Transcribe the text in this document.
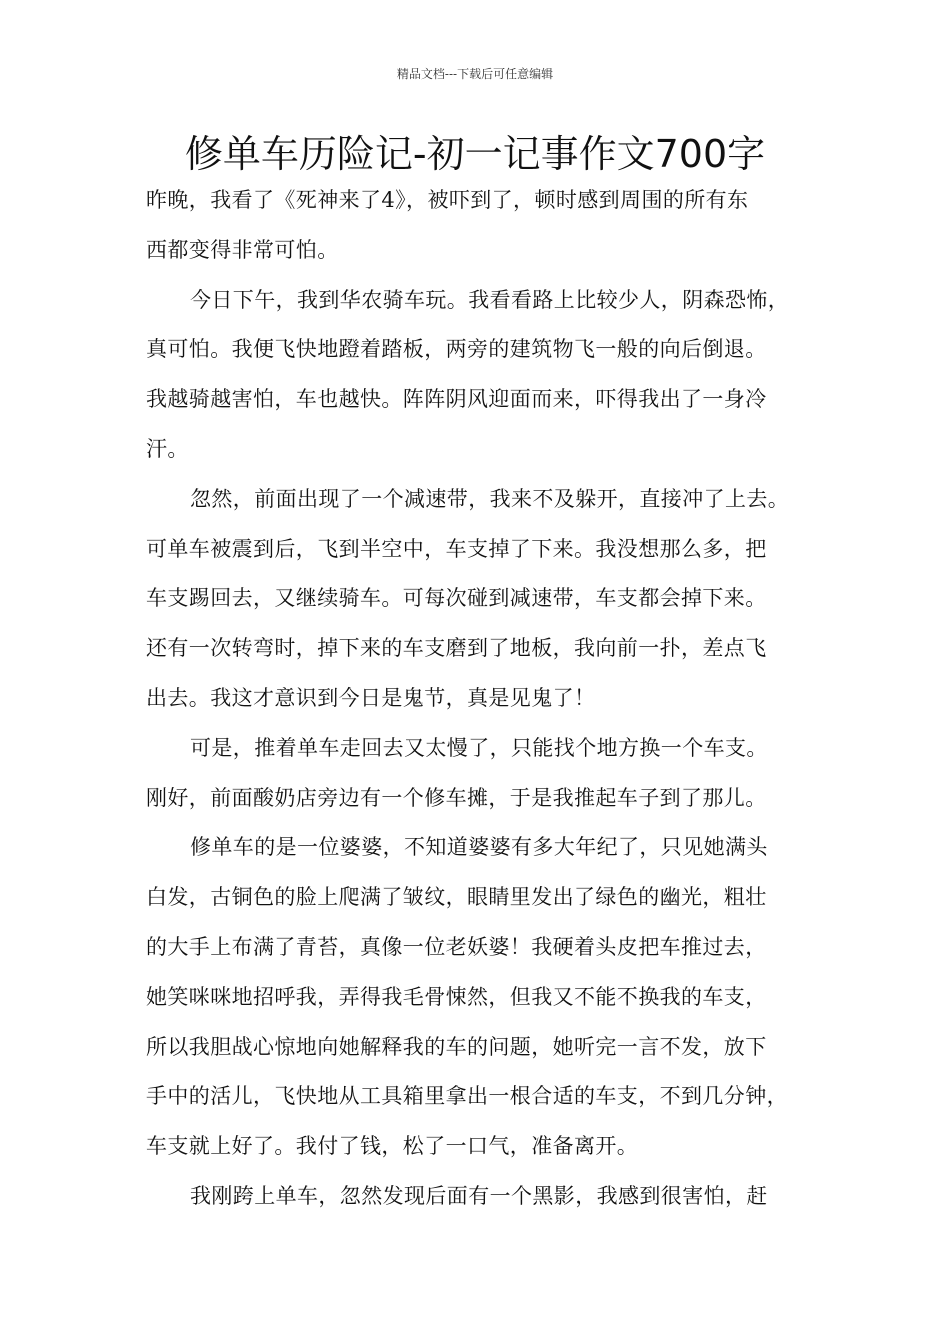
精品文档---下载后可任意编辑
修单车历险记-初一记事作文700字
昨晚，我看了《死神来了4》，被吓到了，顿时感到周围的所有东
西都变得非常可怕。
今日下午，我到华农骑车玩。我看看路上比较少人，阴森恐怖，
真可怕。我便飞快地蹬着踏板，两旁的建筑物飞一般的向后倒退。
我越骑越害怕，车也越快。阵阵阴风迎面而来，吓得我出了一身冷
汗。
忽然，前面出现了一个减速带，我来不及躲开，直接冲了上去。
可单车被震到后，飞到半空中，车支掉了下来。我没想那么多，把
车支踢回去，又继续骑车。可每次碰到减速带，车支都会掉下来。
还有一次转弯时，掉下来的车支磨到了地板，我向前一扑，差点飞
出去。我这才意识到今日是鬼节，真是见鬼了！
可是，推着单车走回去又太慢了，只能找个地方换一个车支。
刚好，前面酸奶店旁边有一个修车摊，于是我推起车子到了那儿。
修单车的是一位婆婆，不知道婆婆有多大年纪了，只见她满头
白发，古铜色的脸上爬满了皱纹，眼睛里发出了绿色的幽光，粗壮
的大手上布满了青苔，真像一位老妖婆！我硬着头皮把车推过去，
她笑咪咪地招呼我，弄得我毛骨悚然，但我又不能不换我的车支，
所以我胆战心惊地向她解释我的车的问题，她听完一言不发，放下
手中的活儿，飞快地从工具箱里拿出一根合适的车支，不到几分钟，
车支就上好了。我付了钱，松了一口气，准备离开。
我刚跨上单车，忽然发现后面有一个黑影，我感到很害怕，赶
